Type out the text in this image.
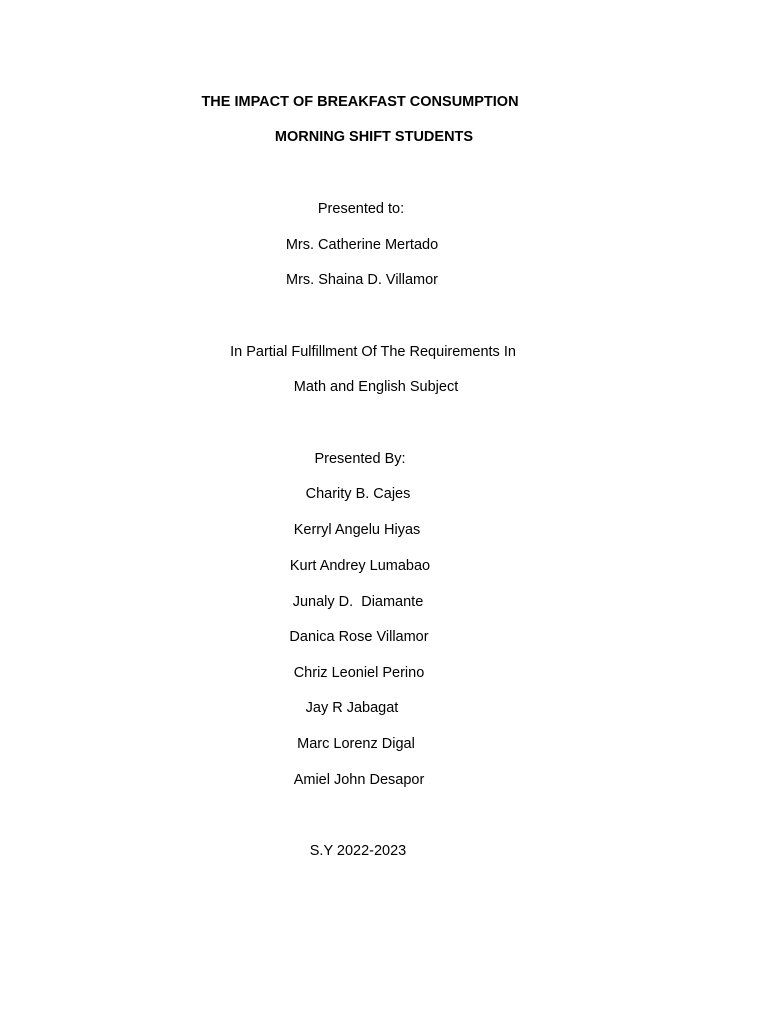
THE IMPACT OF BREAKFAST CONSUMPTION
MORNING SHIFT STUDENTS
Presented to:
Mrs. Catherine Mertado
Mrs. Shaina D. Villamor
In Partial Fulfillment Of The Requirements In
Math and English Subject
Presented By:
Charity B. Cajes
Kerryl Angelu Hiyas
Kurt Andrey Lumabao
Junaly D.  Diamante
Danica Rose Villamor
Chriz Leoniel Perino
Jay R Jabagat
Marc Lorenz Digal
Amiel John Desapor
S.Y 2022-2023
